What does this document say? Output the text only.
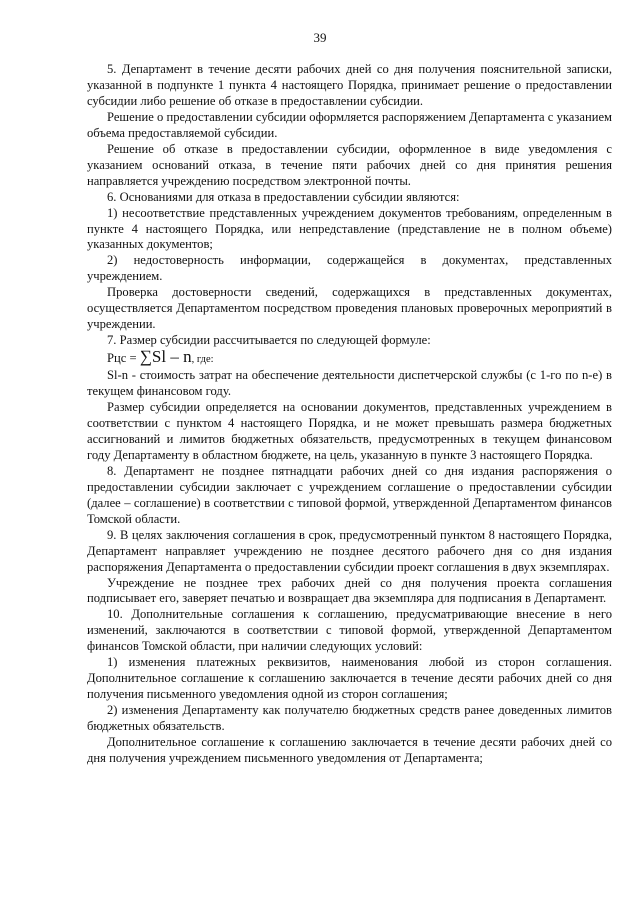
39

5. Департамент в течение десяти рабочих дней со дня получения пояснительной записки, указанной в подпункте 1 пункта 4 настоящего Порядка, принимает решение о предоставлении субсидии либо решение об отказе в предоставлении субсидии.

Решение о предоставлении субсидии оформляется распоряжением Департамента с указанием объема предоставляемой субсидии.

Решение об отказе в предоставлении субсидии, оформленное в виде уведомления с указанием оснований отказа, в течение пяти рабочих дней со дня принятия решения направляется учреждению посредством электронной почты.

6. Основаниями для отказа в предоставлении субсидии являются:

1) несоответствие представленных учреждением документов требованиям, определенным в пункте 4 настоящего Порядка, или непредставление (представление не в полном объеме) указанных документов;

2) недостоверность информации, содержащейся в документах, представленных учреждением.

Проверка достоверности сведений, содержащихся в представленных документах, осуществляется Департаментом посредством проведения плановых проверочных мероприятий в учреждении.

7. Размер субсидии рассчитывается по следующей формуле:

Рцс = ∑Sl – n, где:

Sl-n - стоимость затрат на обеспечение деятельности диспетчерской службы (с 1-го по n-е) в текущем финансовом году.

Размер субсидии определяется на основании документов, представленных учреждением в соответствии с пунктом 4 настоящего Порядка, и не может превышать размера бюджетных ассигнований и лимитов бюджетных обязательств, предусмотренных в текущем финансовом году Департаменту в областном бюджете, на цель, указанную в пункте 3 настоящего Порядка.

8. Департамент не позднее пятнадцати рабочих дней со дня издания распоряжения о предоставлении субсидии заключает с учреждением соглашение о предоставлении субсидии (далее – соглашение) в соответствии с типовой формой, утвержденной Департаментом финансов Томской области.

9. В целях заключения соглашения в срок, предусмотренный пунктом 8 настоящего Порядка, Департамент направляет учреждению не позднее десятого рабочего дня со дня издания распоряжения Департамента о предоставлении субсидии проект соглашения в двух экземплярах.

Учреждение не позднее трех рабочих дней со дня получения проекта соглашения подписывает его, заверяет печатью и возвращает два экземпляра для подписания в Департамент.

10. Дополнительные соглашения к соглашению, предусматривающие внесение в него изменений, заключаются в соответствии с типовой формой, утвержденной Департаментом финансов Томской области, при наличии следующих условий:

1) изменения платежных реквизитов, наименования любой из сторон соглашения. Дополнительное соглашение к соглашению заключается в течение десяти рабочих дней со дня получения письменного уведомления одной из сторон соглашения;

2) изменения Департаменту как получателю бюджетных средств ранее доведенных лимитов бюджетных обязательств.

Дополнительное соглашение к соглашению заключается в течение десяти рабочих дней со дня получения учреждением письменного уведомления от Департамента;
